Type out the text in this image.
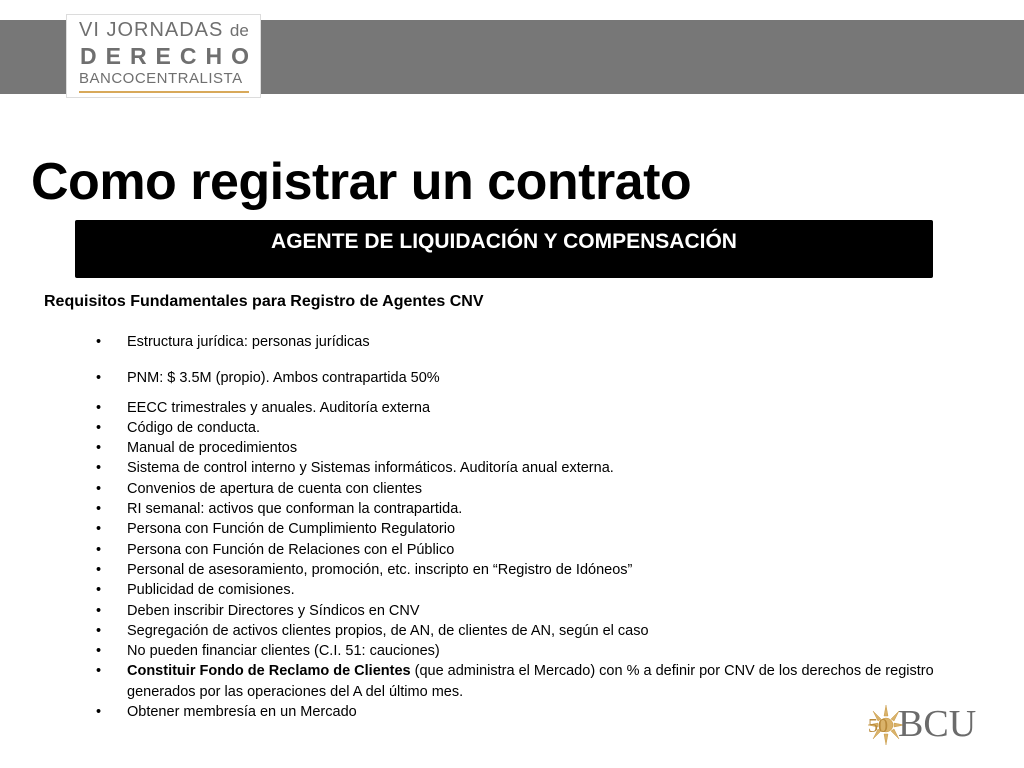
VI JORNADAS de
DERECHO
BANCOCENTRALISTA
Como registrar un contrato
AGENTE DE LIQUIDACIÓN Y COMPENSACIÓN
Requisitos Fundamentales para Registro de Agentes CNV
• Estructura jurídica: personas jurídicas
• PNM: $ 3.5M (propio). Ambos contrapartida 50%
• EECC trimestrales y anuales. Auditoría externa
• Código de conducta.
• Manual de procedimientos
• Sistema de control interno y Sistemas informáticos. Auditoría anual externa.
• Convenios de apertura de cuenta con clientes
• RI semanal: activos que conforman la contrapartida.
• Persona con Función de Cumplimiento Regulatorio
• Persona con Función de Relaciones con el Público
• Personal de asesoramiento, promoción, etc. inscripto en “Registro de Idóneos”
• Publicidad de comisiones.
• Deben inscribir Directores y Síndicos en CNV
• Segregación de activos clientes propios, de AN, de clientes de AN, según el caso
• No pueden financiar clientes (C.I. 51: cauciones)
• Constituir Fondo de Reclamo de Clientes (que administra el Mercado) con % a definir por CNV de los derechos de registro generados por las operaciones del A del último mes.
• Obtener membresía en un Mercado
50 BCU
